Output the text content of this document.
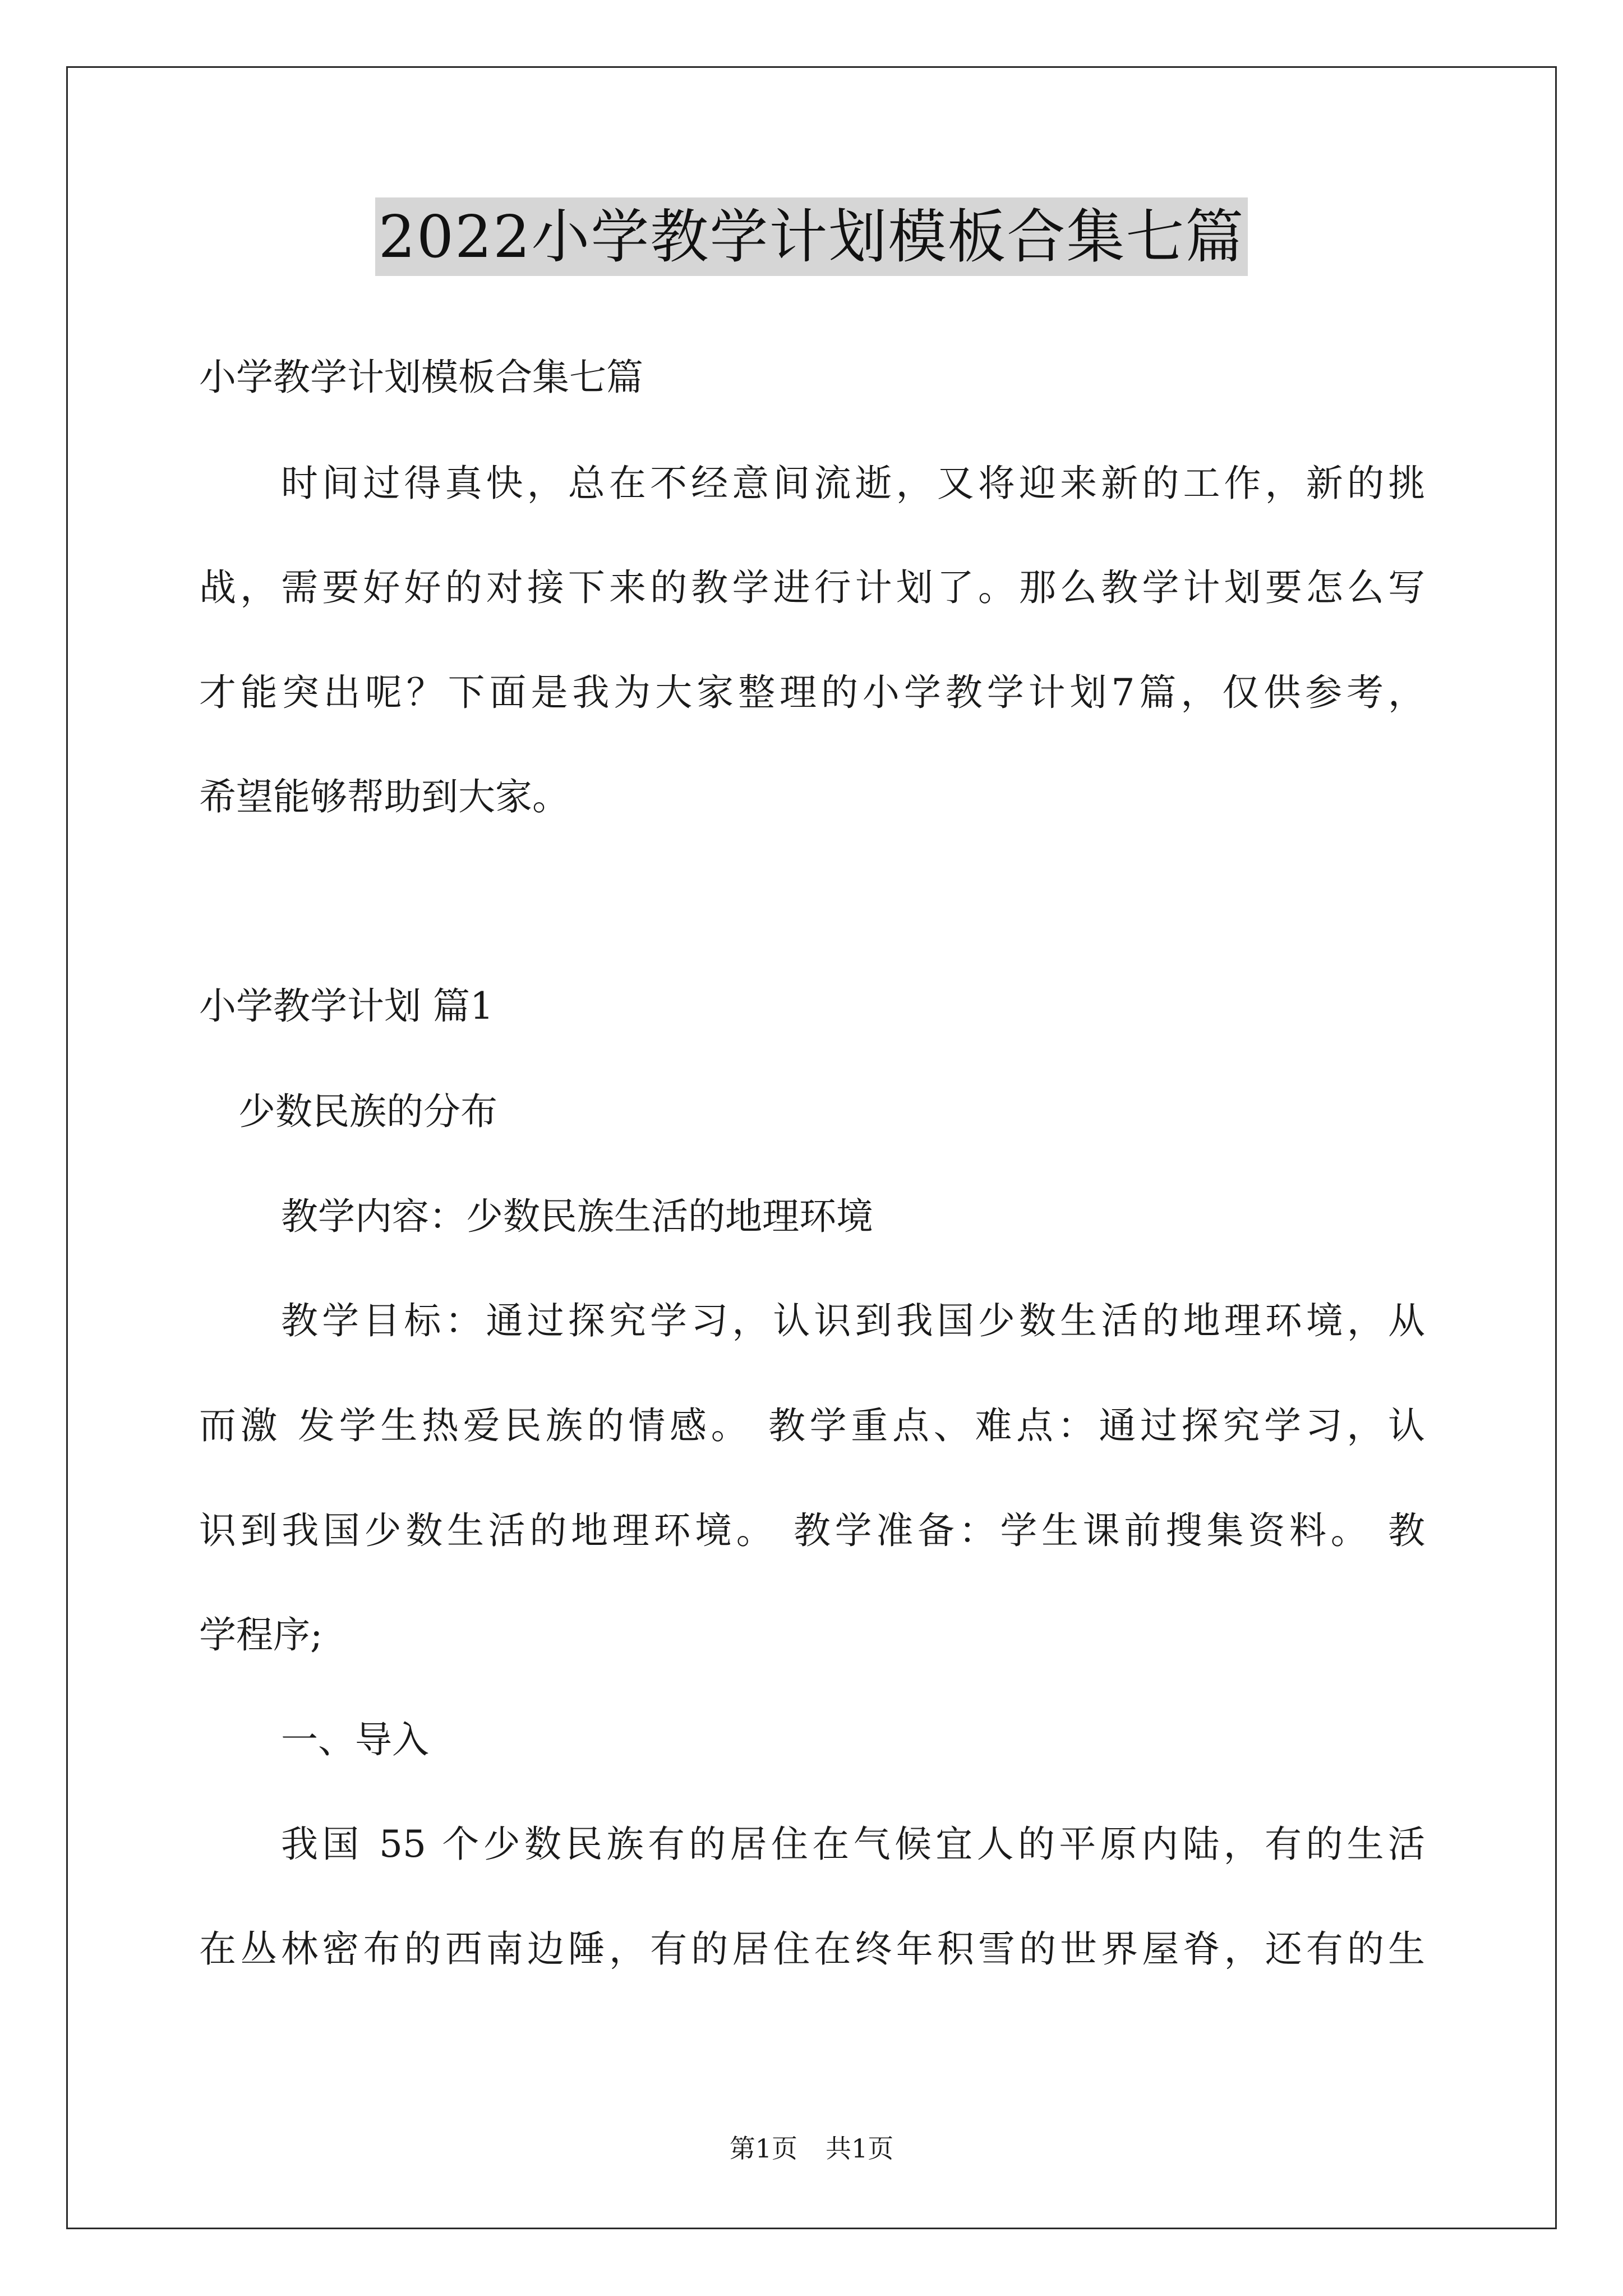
2022小学教学计划模板合集七篇
小学教学计划模板合集七篇
时间过得真快，总在不经意间流逝，又将迎来新的工作，新的挑
战，需要好好的对接下来的教学进行计划了。那么教学计划要怎么写
才能突出呢？下面是我为大家整理的小学教学计划7篇，仅供参考，
希望能够帮助到大家。
小学教学计划 篇1
少数民族的分布
教学内容：少数民族生活的地理环境
教学目标：通过探究学习，认识到我国少数生活的地理环境，从
而激 发学生热爱民族的情感。 教学重点、难点：通过探究学习，认
识到我国少数生活的地理环境。 教学准备：学生课前搜集资料。 教
学程序;
一、导入
我国 55 个少数民族有的居住在气候宜人的平原内陆，有的生活
在丛林密布的西南边陲，有的居住在终年积雪的世界屋脊，还有的生
第1页 共1页
